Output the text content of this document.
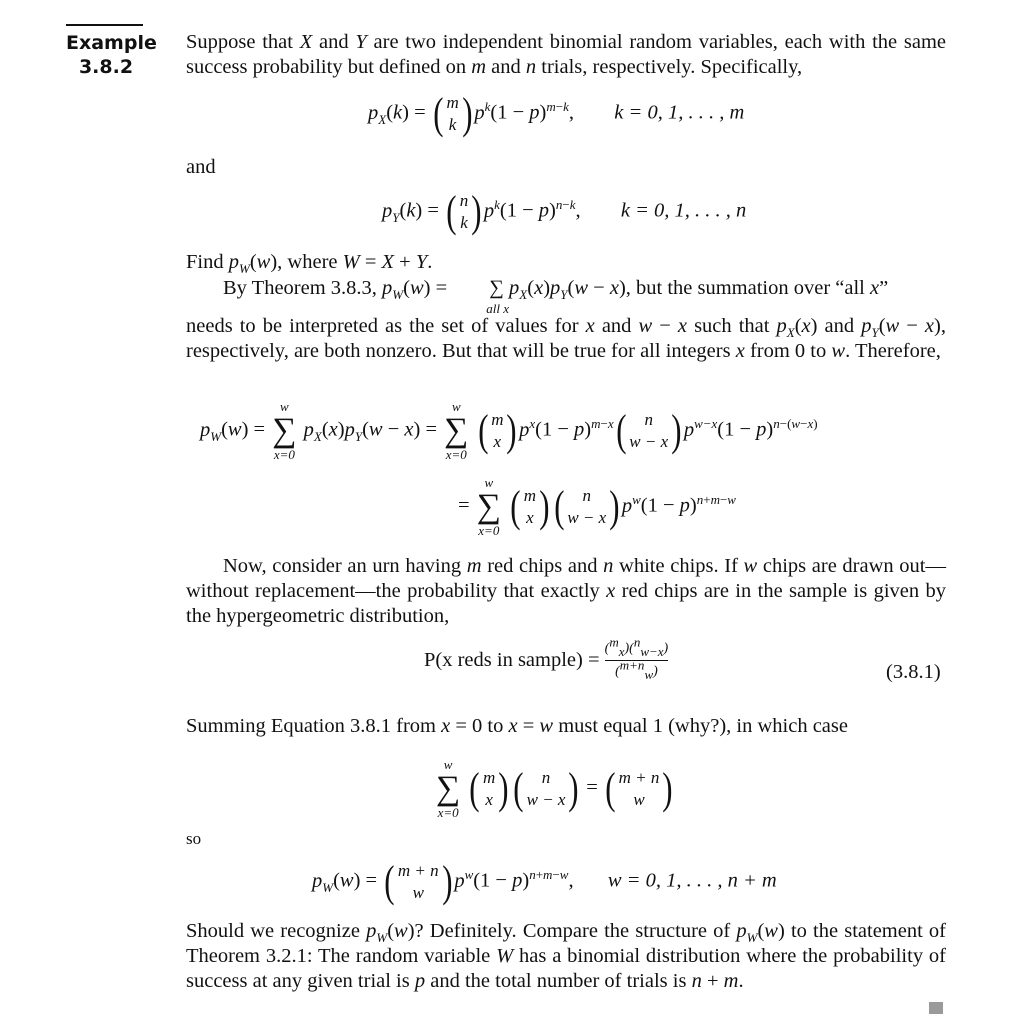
Example
3.8.2
Suppose that X and Y are two independent binomial random variables, each with the same success probability but defined on m and n trials, respectively. Specifically,
$p_X(k)$ = ( m
k ) $p^k(1 - p)^{m-k}$,  k = 0, 1, . . . , m
and
$p_Y(k)$ = ( n
k ) $p^k(1 - p)^{n-k}$,  k = 0, 1, . . . , n
Find $p_W(w)$, where W = X + Y.
By Theorem 3.8.3, $p_W(w)$ = ∑
all x
$p_X(x)p_Y(w - x)$, but the summation over “all x”
needs to be interpreted as the set of values for x and w − x such that $p_X(x)$ and $p_Y(w - x)$, respectively, are both nonzero. But that will be true for all integers x from 0 to w. Therefore,
$p_W(w)$ =
w
∑
x=0
$p_X(x)p_Y(w - x)$ =
w
∑
x=0
( m
x ) $p^x(1 - p)^{m-x}$ ( n
w − x ) $p^{w-x}(1 - p)^{n-(w-x)}$
=
w
∑
x=0
( m
x ) ( n
w − x ) $p^w(1 - p)^{n+m-w}$
Now, consider an urn having m red chips and n white chips. If w chips are drawn out—without replacement—the probability that exactly x red chips are in the sample is given by the hypergeometric distribution,
P(x reds in sample) = $\frac{(^m_x)(^n_{w-x})}{(^{m+n}_w)}$	(3.8.1)
Summing Equation 3.8.1 from x = 0 to x = w must equal 1 (why?), in which case
w
∑
x=0
( m
x ) ( n
w − x ) = ( m + n
w )
so
$p_W(w)$ = ( m + n
w ) $p^w(1 - p)^{n+m-w}$,  w = 0, 1, . . . , n + m
Should we recognize $p_W(w)$? Definitely. Compare the structure of $p_W(w)$ to the statement of Theorem 3.2.1: The random variable W has a binomial distribution where the probability of success at any given trial is p and the total number of trials is n + m.
